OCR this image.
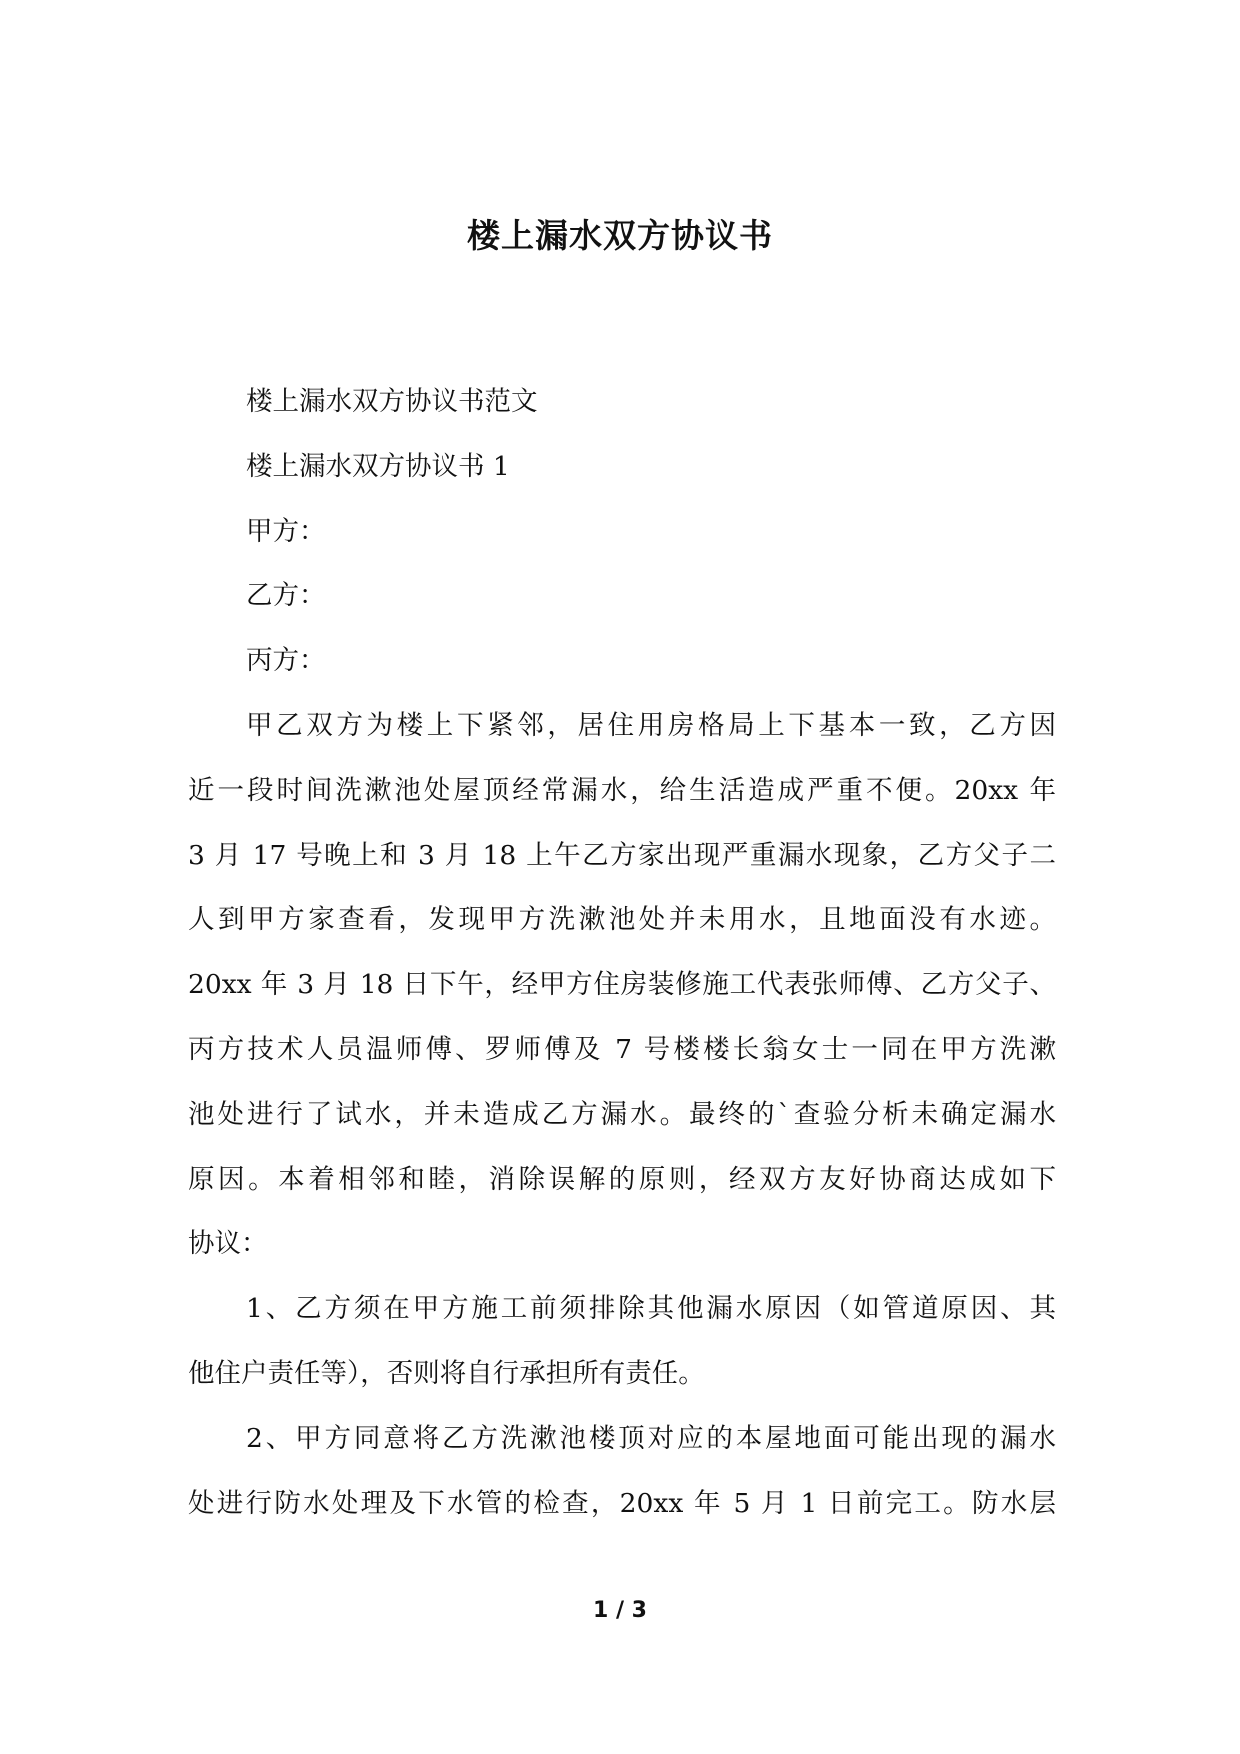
楼上漏水双方协议书
楼上漏水双方协议书范文
楼上漏水双方协议书 1
甲方：
乙方：
丙方：
甲乙双方为楼上下紧邻，居住用房格局上下基本一致，乙方因
近一段时间洗漱池处屋顶经常漏水，给生活造成严重不便。20xx 年
3 月 17 号晚上和 3 月 18 上午乙方家出现严重漏水现象，乙方父子二
人到甲方家查看，发现甲方洗漱池处并未用水，且地面没有水迹。
20xx 年 3 月 18 日下午，经甲方住房装修施工代表张师傅、乙方父子、
丙方技术人员温师傅、罗师傅及 7 号楼楼长翁女士一同在甲方洗漱
池处进行了试水，并未造成乙方漏水。最终的`查验分析未确定漏水
原因。本着相邻和睦，消除误解的原则，经双方友好协商达成如下
协议：
1、乙方须在甲方施工前须排除其他漏水原因（如管道原因、其
他住户责任等），否则将自行承担所有责任。
2、甲方同意将乙方洗漱池楼顶对应的本屋地面可能出现的漏水
处进行防水处理及下水管的检查，20xx 年 5 月 1 日前完工。防水层
1 / 3
